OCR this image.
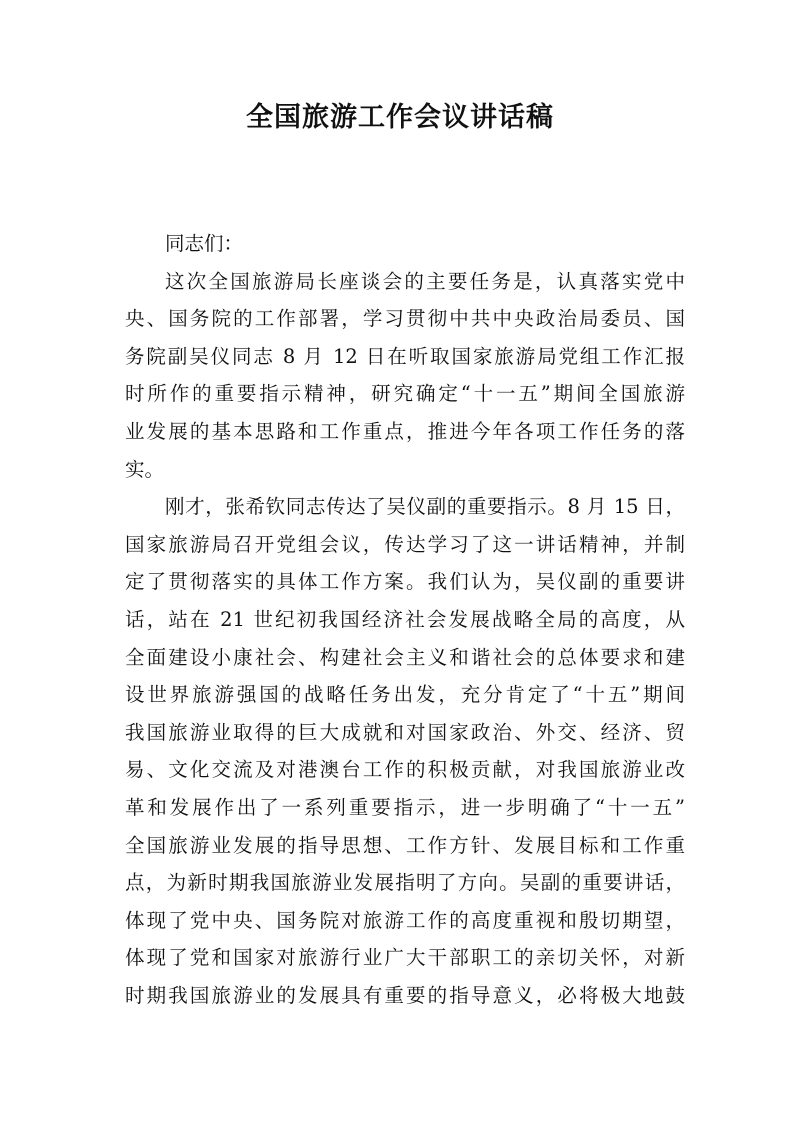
全国旅游工作会议讲话稿
同志们：
这次全国旅游局长座谈会的主要任务是，认真落实党中
央、国务院的工作部署，学习贯彻中共中央政治局委员、国
务院副吴仪同志 8 月 12 日在听取国家旅游局党组工作汇报
时所作的重要指示精神，研究确定“十一五”期间全国旅游
业发展的基本思路和工作重点，推进今年各项工作任务的落
实。
刚才，张希钦同志传达了吴仪副的重要指示。8 月 15 日，
国家旅游局召开党组会议，传达学习了这一讲话精神，并制
定了贯彻落实的具体工作方案。我们认为，吴仪副的重要讲
话，站在 21 世纪初我国经济社会发展战略全局的高度，从
全面建设小康社会、构建社会主义和谐社会的总体要求和建
设世界旅游强国的战略任务出发，充分肯定了“十五”期间
我国旅游业取得的巨大成就和对国家政治、外交、经济、贸
易、文化交流及对港澳台工作的积极贡献，对我国旅游业改
革和发展作出了一系列重要指示，进一步明确了“十一五”
全国旅游业发展的指导思想、工作方针、发展目标和工作重
点，为新时期我国旅游业发展指明了方向。吴副的重要讲话，
体现了党中央、国务院对旅游工作的高度重视和殷切期望，
体现了党和国家对旅游行业广大干部职工的亲切关怀，对新
时期我国旅游业的发展具有重要的指导意义，必将极大地鼓
